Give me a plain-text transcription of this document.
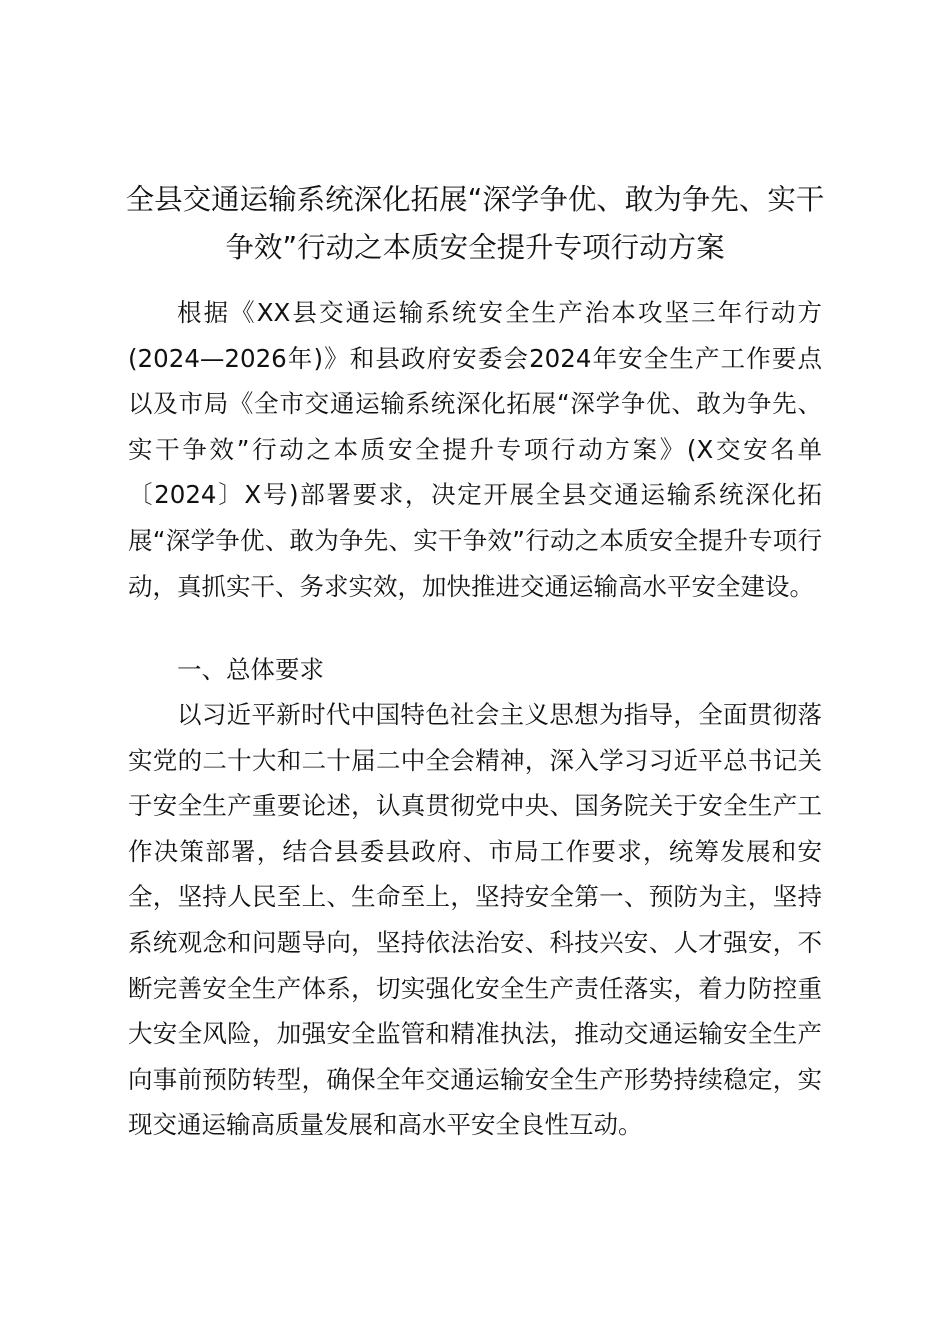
全县交通运输系统深化拓展“深学争优、敢为争先、实干争效”行动之本质安全提升专项行动方案

根据《XX县交通运输系统安全生产治本攻坚三年行动方(2024—2026年)》和县政府安委会2024年安全生产工作要点以及市局《全市交通运输系统深化拓展“深学争优、敢为争先、实干争效”行动之本质安全提升专项行动方案》(X交安名单〔2024〕X号)部署要求，决定开展全县交通运输系统深化拓展“深学争优、敢为争先、实干争效”行动之本质安全提升专项行动，真抓实干、务求实效，加快推进交通运输高水平安全建设。

一、总体要求

以习近平新时代中国特色社会主义思想为指导，全面贯彻落实党的二十大和二十届二中全会精神，深入学习习近平总书记关于安全生产重要论述，认真贯彻党中央、国务院关于安全生产工作决策部署，结合县委县政府、市局工作要求，统筹发展和安全，坚持人民至上、生命至上，坚持安全第一、预防为主，坚持系统观念和问题导向，坚持依法治安、科技兴安、人才强安，不断完善安全生产体系，切实强化安全生产责任落实，着力防控重大安全风险，加强安全监管和精准执法，推动交通运输安全生产向事前预防转型，确保全年交通运输安全生产形势持续稳定，实现交通运输高质量发展和高水平安全良性互动。
